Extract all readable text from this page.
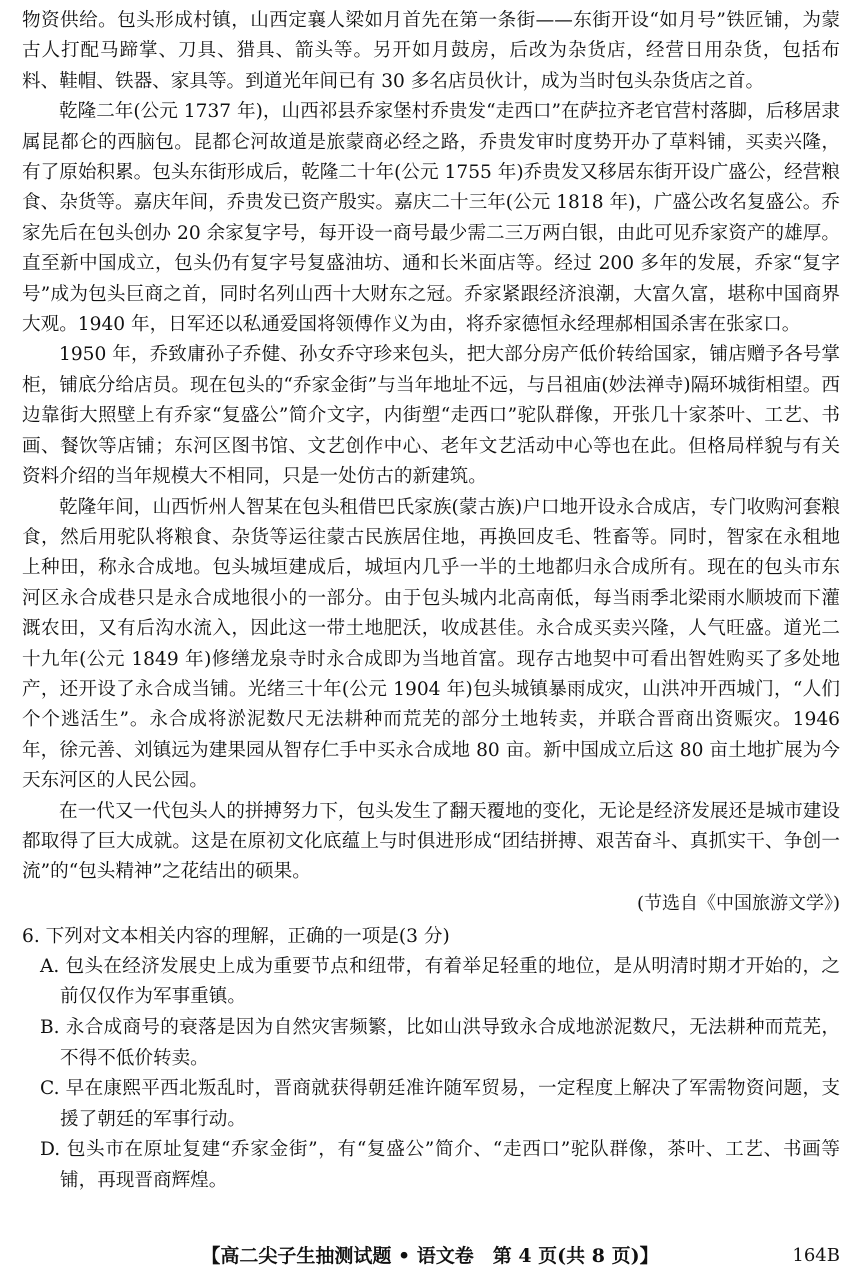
物资供给。包头形成村镇，山西定襄人梁如月首先在第一条街——东街开设“如月号”铁匠铺，为蒙古人打配马蹄掌、刀具、猎具、箭头等。另开如月鼓房，后改为杂货店，经营日用杂货，包括布料、鞋帽、铁器、家具等。到道光年间已有 30 多名店员伙计，成为当时包头杂货店之首。

乾隆二年(公元 1737 年)，山西祁县乔家堡村乔贵发“走西口”在萨拉齐老官营村落脚，后移居隶属昆都仑的西脑包。昆都仑河故道是旅蒙商必经之路，乔贵发审时度势开办了草料铺，买卖兴隆，有了原始积累。包头东街形成后，乾隆二十年(公元 1755 年)乔贵发又移居东街开设广盛公，经营粮食、杂货等。嘉庆年间，乔贵发已资产殷实。嘉庆二十三年(公元 1818 年)，广盛公改名复盛公。乔家先后在包头创办 20 余家复字号，每开设一商号最少需二三万两白银，由此可见乔家资产的雄厚。直至新中国成立，包头仍有复字号复盛油坊、通和长米面店等。经过 200 多年的发展，乔家“复字号”成为包头巨商之首，同时名列山西十大财东之冠。乔家紧跟经济浪潮，大富久富，堪称中国商界大观。1940 年，日军还以私通爱国将领傅作义为由，将乔家德恒永经理郝相国杀害在张家口。

1950 年，乔致庸孙子乔健、孙女乔守珍来包头，把大部分房产低价转给国家，铺店赠予各号掌柜，铺底分给店员。现在包头的“乔家金街”与当年地址不远，与吕祖庙(妙法禅寺)隔环城街相望。西边靠街大照壁上有乔家“复盛公”简介文字，内街塑“走西口”驼队群像，开张几十家茶叶、工艺、书画、餐饮等店铺；东河区图书馆、文艺创作中心、老年文艺活动中心等也在此。但格局样貌与有关资料介绍的当年规模大不相同，只是一处仿古的新建筑。

乾隆年间，山西忻州人智某在包头租借巴氏家族(蒙古族)户口地开设永合成店，专门收购河套粮食，然后用驼队将粮食、杂货等运往蒙古民族居住地，再换回皮毛、牲畜等。同时，智家在永租地上种田，称永合成地。包头城垣建成后，城垣内几乎一半的土地都归永合成所有。现在的包头市东河区永合成巷只是永合成地很小的一部分。由于包头城内北高南低，每当雨季北梁雨水顺坡而下灌溉农田，又有后沟水流入，因此这一带土地肥沃，收成甚佳。永合成买卖兴隆，人气旺盛。道光二十九年(公元 1849 年)修缮龙泉寺时永合成即为当地首富。现存古地契中可看出智姓购买了多处地产，还开设了永合成当铺。光绪三十年(公元 1904 年)包头城镇暴雨成灾，山洪冲开西城门，“人们个个逃活生”。永合成将淤泥数尺无法耕种而荒芜的部分土地转卖，并联合晋商出资赈灾。1946 年，徐元善、刘镇远为建果园从智存仁手中买永合成地 80 亩。新中国成立后这 80 亩土地扩展为今天东河区的人民公园。

在一代又一代包头人的拼搏努力下，包头发生了翻天覆地的变化，无论是经济发展还是城市建设都取得了巨大成就。这是在原初文化底蕴上与时俱进形成“团结拼搏、艰苦奋斗、真抓实干、争创一流”的“包头精神”之花结出的硕果。

(节选自《中国旅游文学》)

6. 下列对文本相关内容的理解，正确的一项是(3 分)

A. 包头在经济发展史上成为重要节点和纽带，有着举足轻重的地位，是从明清时期才开始的，之前仅仅作为军事重镇。

B. 永合成商号的衰落是因为自然灾害频繁，比如山洪导致永合成地淤泥数尺，无法耕种而荒芜，不得不低价转卖。

C. 早在康熙平西北叛乱时，晋商就获得朝廷准许随军贸易，一定程度上解决了军需物资问题，支援了朝廷的军事行动。

D. 包头市在原址复建“乔家金街”，有“复盛公”简介、“走西口”驼队群像，茶叶、工艺、书画等铺，再现晋商辉煌。

【高二尖子生抽测试题 • 语文卷　第 4 页(共 8 页)】	164B
